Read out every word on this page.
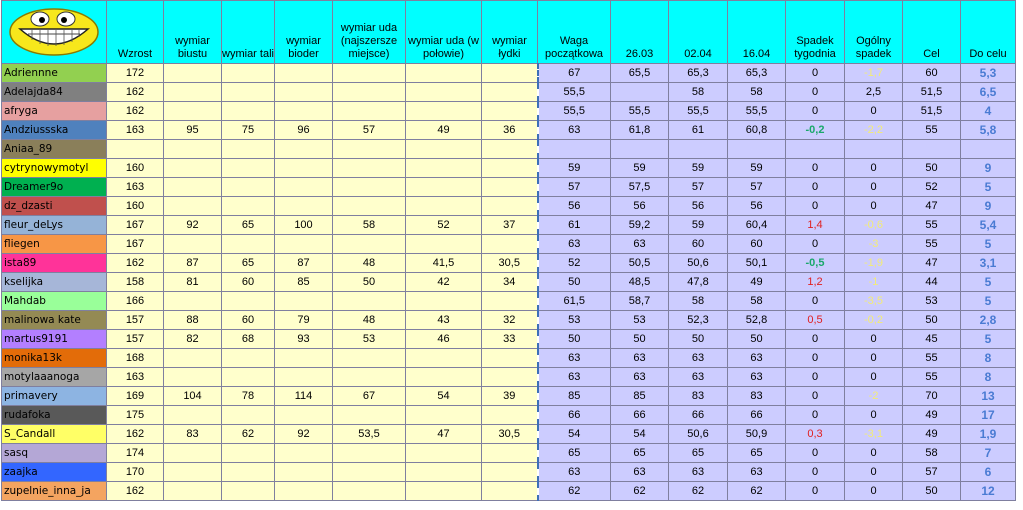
	Wzrost	wymiar biustu	wymiar tali	wymiar bioder	wymiar uda (najszersze miejsce)	wymiar uda (w połowie)	wymiar łydki	Waga początkowa	26.03	02.04	16.04	Spadek tygodnia	Ogólny spadek	Cel	Do celu
Adriennne	172							67	65,5	65,3	65,3	0	-1,7	60	5,3
Adelajda84	162							55,5		58	58	0	2,5	51,5	6,5
afryga	162							55,5	55,5	55,5	55,5	0	0	51,5	4
Andziussska	163	95	75	96	57	49	36	63	61,8	61	60,8	-0,2	-2,2	55	5,8
Aniaa_89															
cytrynowymotyl	160							59	59	59	59	0	0	50	9
Dreamer9o	163							57	57,5	57	57	0	0	52	5
dz_dzasti	160							56	56	56	56	0	0	47	9
fleur_deLys	167	92	65	100	58	52	37	61	59,2	59	60,4	1,4	-0,6	55	5,4
fliegen	167							63	63	60	60	0	-3	55	5
ista89	162	87	65	87	48	41,5	30,5	52	50,5	50,6	50,1	-0,5	-1,9	47	3,1
kselijka	158	81	60	85	50	42	34	50	48,5	47,8	49	1,2	-1	44	5
Mahdab	166							61,5	58,7	58	58	0	-3,5	53	5
malinowa kate	157	88	60	79	48	43	32	53	53	52,3	52,8	0,5	-0,2	50	2,8
martus9191	157	82	68	93	53	46	33	50	50	50	50	0	0	45	5
monika13k	168							63	63	63	63	0	0	55	8
motylaaanoga	163							63	63	63	63	0	0	55	8
primavery	169	104	78	114	67	54	39	85	85	83	83	0	-2	70	13
rudafoka	175							66	66	66	66	0	0	49	17
S_Candall	162	83	62	92	53,5	47	30,5	54	54	50,6	50,9	0,3	-3,1	49	1,9
sasq	174							65	65	65	65	0	0	58	7
zaajka	170							63	63	63	63	0	0	57	6
zupelnie_inna_ja	162							62	62	62	62	0	0	50	12
